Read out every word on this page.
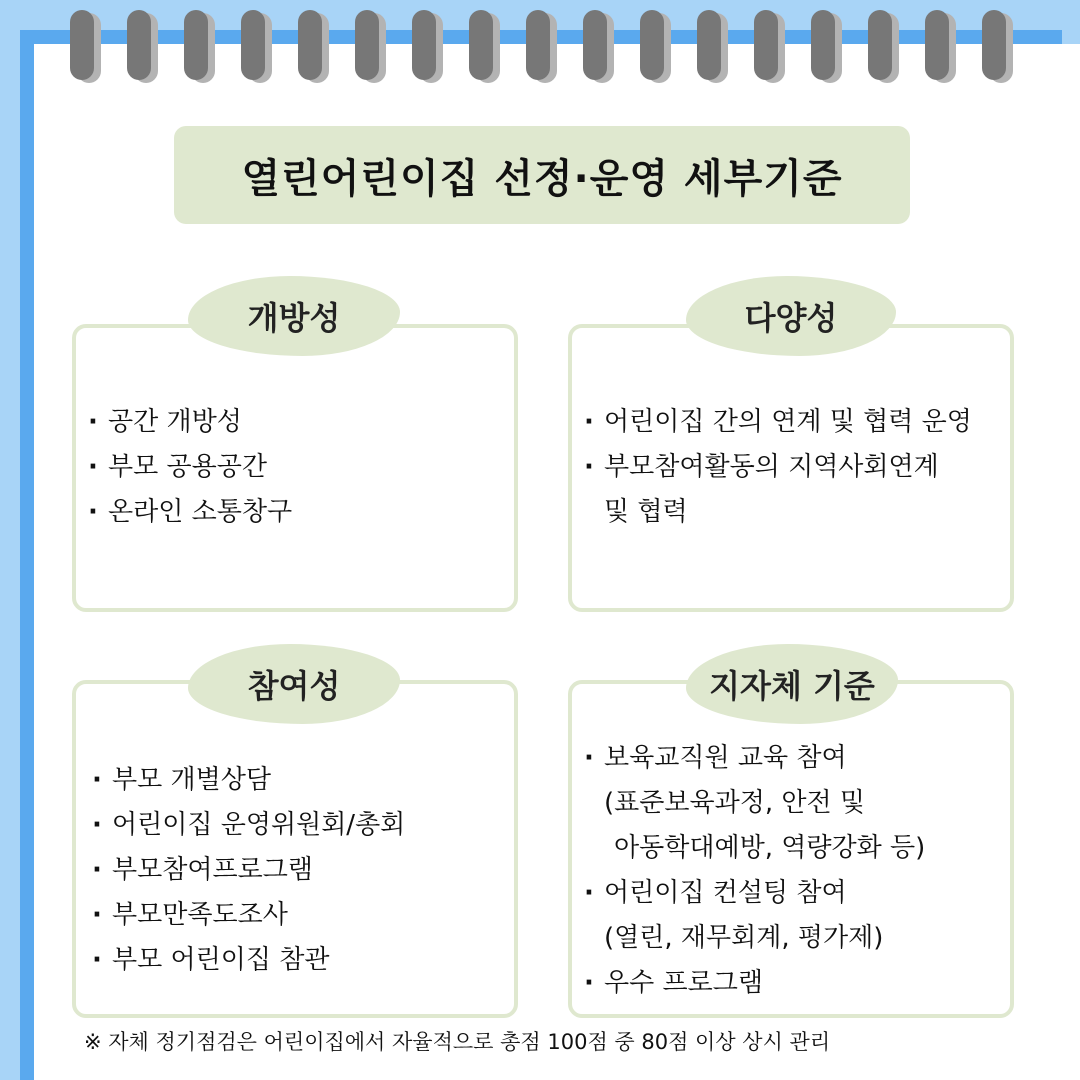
열린어린이집 선정·운영 세부기준
개방성
· 공간 개방성
· 부모 공용공간
· 온라인 소통창구
다양성
· 어린이집 간의 연계 및 협력 운영
· 부모참여활동의 지역사회연계
및 협력
참여성
· 부모 개별상담
· 어린이집 운영위원회/총회
· 부모참여프로그램
· 부모만족도조사
· 부모 어린이집 참관
지자체 기준
· 보육교직원 교육 참여
(표준보육과정, 안전 및
아동학대예방, 역량강화 등)
· 어린이집 컨설팅 참여
(열린, 재무회계, 평가제)
· 우수 프로그램
※ 자체 정기점검은 어린이집에서 자율적으로 총점 100점 중 80점 이상 상시 관리
